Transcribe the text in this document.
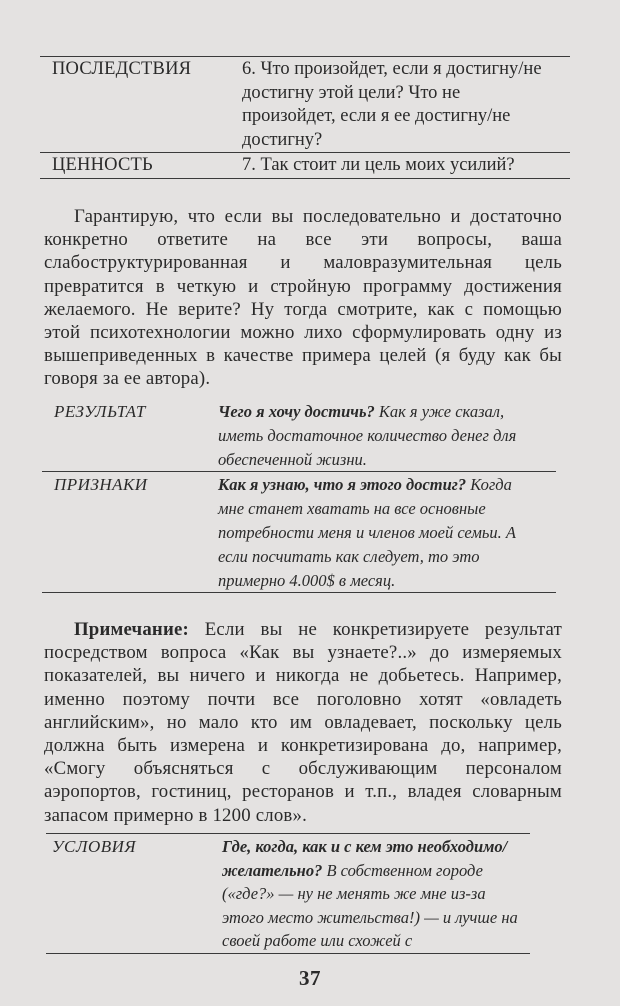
ПОСЛЕДСТВИЯ	6. Что произойдет, если я достигну/не достигну этой цели? Что не произойдет, если я ее достигну/не достигну?
ЦЕННОСТЬ	7. Так стоит ли цель моих усилий?
Гарантирую, что если вы последовательно и достаточно конкретно ответите на все эти вопросы, ваша слабоструктурированная и маловразумительная цель превратится в четкую и стройную программу достижения желаемого. Не верите? Ну тогда смотрите, как с помощью этой психотехнологии можно лихо сформулировать одну из вышеприведенных в качестве примера целей (я буду как бы говоря за ее автора).
РЕЗУЛЬТАТ	Чего я хочу достичь? Как я уже сказал, иметь достаточное количество денег для обеспеченной жизни.
ПРИЗНАКИ	Как я узнаю, что я этого достиг? Когда мне станет хватать на все основные потребности меня и членов моей семьи. А если посчитать как следует, то это примерно 4.000$ в месяц.
Примечание: Если вы не конкретизируете результат посредством вопроса «Как вы узнаете?..» до измеряемых показателей, вы ничего и никогда не добьетесь. Например, именно поэтому почти все поголовно хотят «овладеть английским», но мало кто им овладевает, поскольку цель должна быть измерена и конкретизирована до, например, «Смогу объясняться с обслуживающим персоналом аэропортов, гостиниц, ресторанов и т.п., владея словарным запасом примерно в 1200 слов».
УСЛОВИЯ	Где, когда, как и с кем это необходимо/желательно? В собственном городе («где?» — ну не менять же мне из-за этого место жительства!) — и лучше на своей работе или схожей с
37
